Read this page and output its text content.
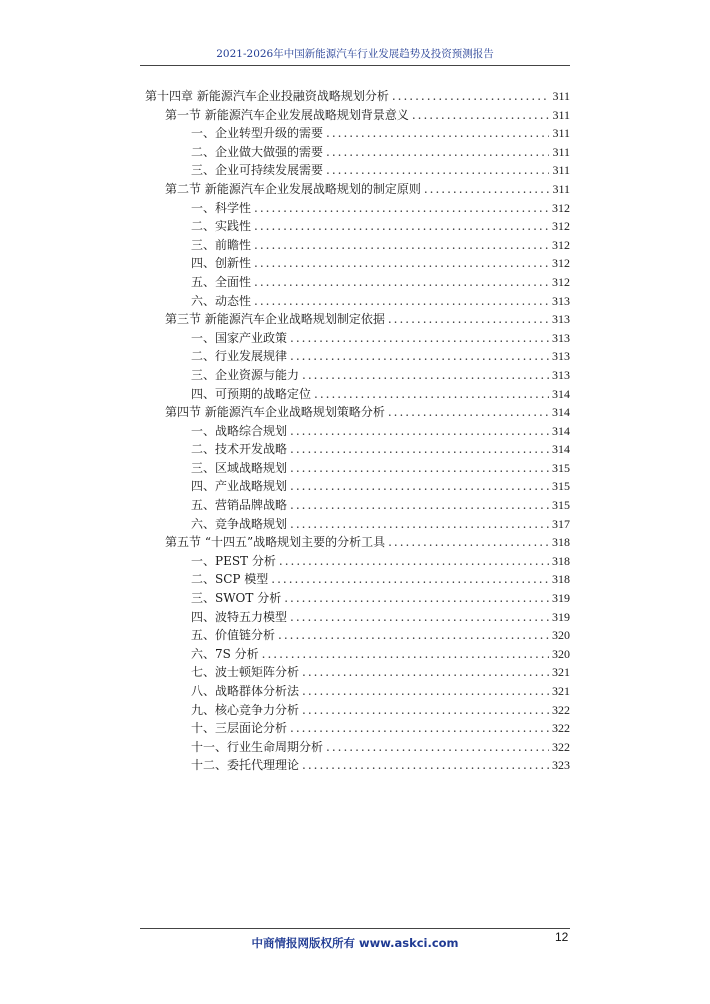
2021-2026年中国新能源汽车行业发展趋势及投资预测报告
第十四章 新能源汽车企业投融资战略规划分析 .....	311
第一节 新能源汽车企业发展战略规划背景意义 .....	311
一、企业转型升级的需要 .....	311
二、企业做大做强的需要 .....	311
三、企业可持续发展需要 .....	311
第二节 新能源汽车企业发展战略规划的制定原则 .....	311
一、科学性 .....	312
二、实践性 .....	312
三、前瞻性 .....	312
四、创新性 .....	312
五、全面性 .....	312
六、动态性 .....	313
第三节 新能源汽车企业战略规划制定依据 .....	313
一、国家产业政策 .....	313
二、行业发展规律 .....	313
三、企业资源与能力 .....	313
四、可预期的战略定位 .....	314
第四节 新能源汽车企业战略规划策略分析 .....	314
一、战略综合规划 .....	314
二、技术开发战略 .....	314
三、区域战略规划 .....	315
四、产业战略规划 .....	315
五、营销品牌战略 .....	315
六、竞争战略规划 .....	317
第五节 “十四五”战略规划主要的分析工具 .....	318
一、PEST 分析 .....	318
二、SCP 模型 .....	318
三、SWOT 分析 .....	319
四、波特五力模型 .....	319
五、价值链分析 .....	320
六、7S 分析 .....	320
七、波士顿矩阵分析 .....	321
八、战略群体分析法 .....	321
九、核心竞争力分析 .....	322
十、三层面论分析 .....	322
十一、行业生命周期分析 .....	322
十二、委托代理理论 .....	323
中商情报网版权所有 www.askci.com	12
